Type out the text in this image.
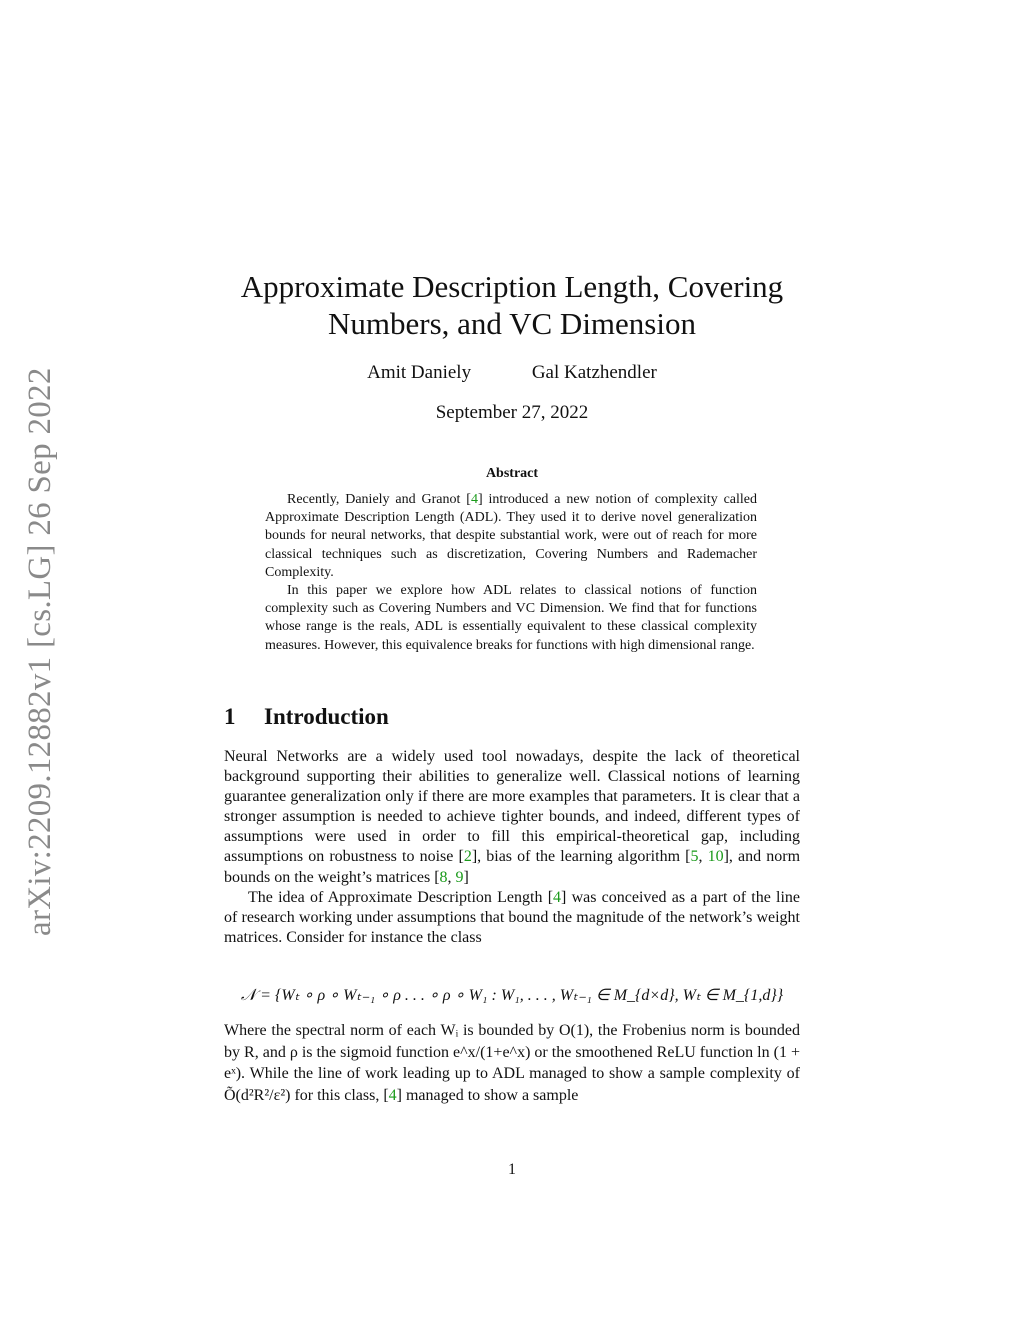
arXiv:2209.12882v1 [cs.LG] 26 Sep 2022
Approximate Description Length, Covering
Numbers, and VC Dimension
Amit Daniely	Gal Katzhendler
September 27, 2022
Abstract

Recently, Daniely and Granot [4] introduced a new notion of complexity called Approximate Description Length (ADL). They used it to derive novel generalization bounds for neural networks, that despite substantial work, were out of reach for more classical techniques such as discretization, Covering Numbers and Rademacher Complexity.

In this paper we explore how ADL relates to classical notions of function complexity such as Covering Numbers and VC Dimension. We find that for functions whose range is the reals, ADL is essentially equivalent to these classical complexity measures. However, this equivalence breaks for functions with high dimensional range.

1 Introduction

Neural Networks are a widely used tool nowadays, despite the lack of theoretical background supporting their abilities to generalize well. Classical notions of learning guarantee generalization only if there are more examples that parameters. It is clear that a stronger assumption is needed to achieve tighter bounds, and indeed, different types of assumptions were used in order to fill this empirical-theoretical gap, including assumptions on robustness to noise [2], bias of the learning algorithm [5, 10], and norm bounds on the weight’s matrices [8, 9]

The idea of Approximate Description Length [4] was conceived as a part of the line of research working under assumptions that bound the magnitude of the network’s weight matrices. Consider for instance the class

𝒩 = {Wₜ ∘ ρ ∘ Wₜ₋₁ ∘ ρ . . . ∘ ρ ∘ W₁ : W₁, . . . , Wₜ₋₁ ∈ M_{d×d}, Wₜ ∈ M_{1,d}}

Where the spectral norm of each Wᵢ is bounded by O(1), the Frobenius norm is bounded by R, and ρ is the sigmoid function e^x/(1+e^x) or the smoothened ReLU function ln (1 + eˣ). While the line of work leading up to ADL managed to show a sample complexity of Õ(d²R²/ε²) for this class, [4] managed to show a sample

1
